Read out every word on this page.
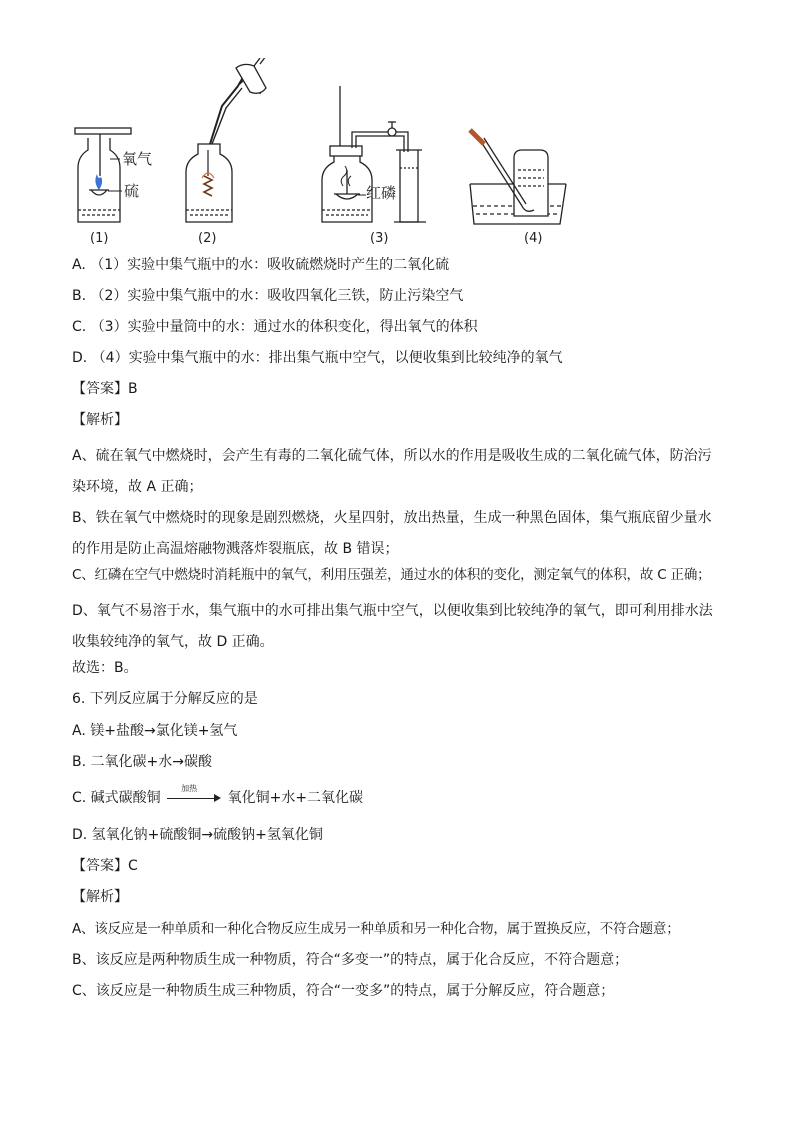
氧气
硫
(1)	(2)
红磷
(3)	(4)
A. （1）实验中集气瓶中的水：吸收硫燃烧时产生的二氧化硫
B. （2）实验中集气瓶中的水：吸收四氧化三铁，防止污染空气
C. （3）实验中量筒中的水：通过水的体积变化，得出氧气的体积
D. （4）实验中集气瓶中的水：排出集气瓶中空气，以便收集到比较纯净的氧气
【答案】B
【解析】
A、硫在氧气中燃烧时，会产生有毒的二氧化硫气体，所以水的作用是吸收生成的二氧化硫气体，防治污染环境，故 A 正确；
B、铁在氧气中燃烧时的现象是剧烈燃烧，火星四射，放出热量，生成一种黑色固体，集气瓶底留少量水的作用是防止高温熔融物溅落炸裂瓶底，故 B 错误；
C、红磷在空气中燃烧时消耗瓶中的氧气，利用压强差，通过水的体积的变化，测定氧气的体积，故 C 正确；
D、氧气不易溶于水，集气瓶中的水可排出集气瓶中空气，以便收集到比较纯净的氧气，即可利用排水法收集较纯净的氧气，故 D 正确。
故选：B。
6. 下列反应属于分解反应的是
A. 镁+盐酸→氯化镁+氢气
B. 二氧化碳+水→碳酸
C. 碱式碳酸铜
加热
氧化铜+水+二氧化碳
D. 氢氧化钠+硫酸铜→硫酸钠+氢氧化铜
【答案】C
【解析】
A、该反应是一种单质和一种化合物反应生成另一种单质和另一种化合物，属于置换反应，不符合题意；
B、该反应是两种物质生成一种物质，符合“多变一”的特点，属于化合反应，不符合题意；
C、该反应是一种物质生成三种物质，符合“一变多”的特点，属于分解反应，符合题意；
